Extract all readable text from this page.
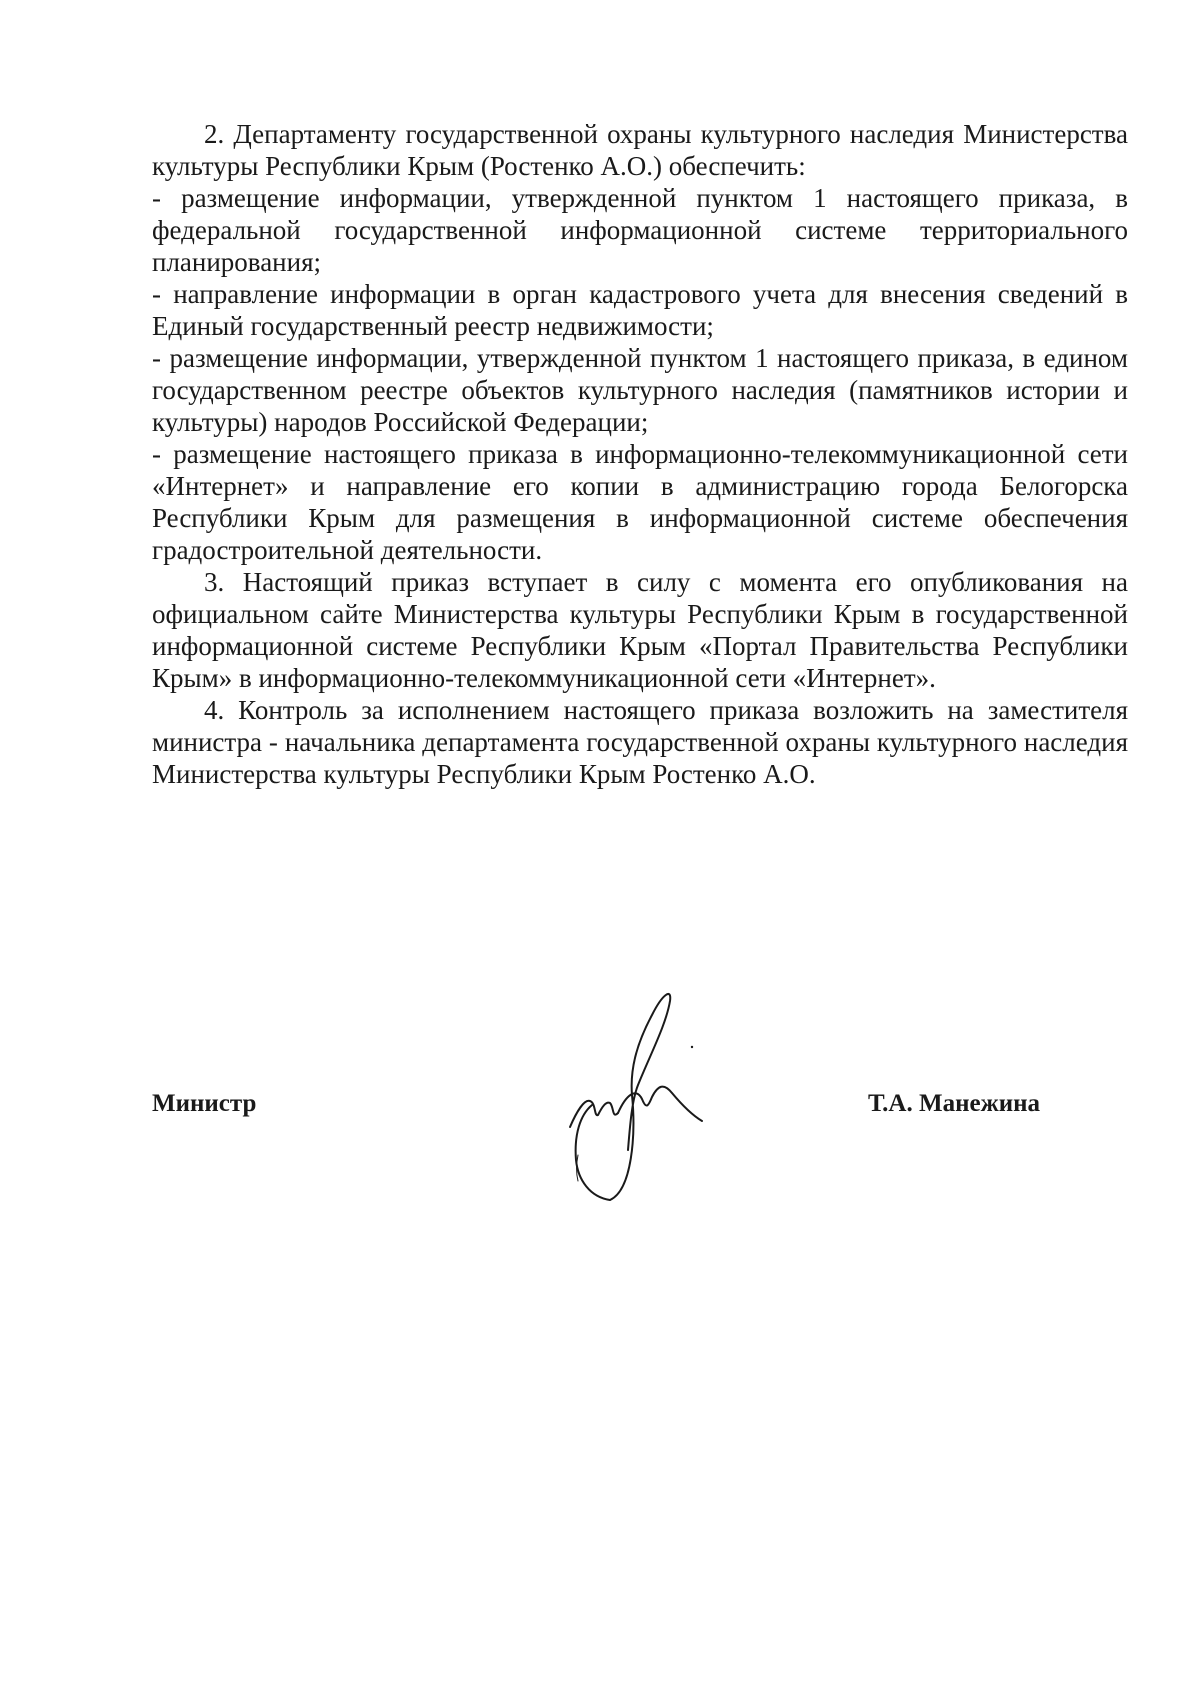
2. Департаменту государственной охраны культурного наследия Министерства культуры Республики Крым (Ростенко А.О.) обеспечить:

- размещение информации, утвержденной пунктом 1 настоящего приказа, в федеральной государственной информационной системе территориального планирования;

- направление информации в орган кадастрового учета для внесения сведений в Единый государственный реестр недвижимости;

- размещение информации, утвержденной пунктом 1 настоящего приказа, в едином государственном реестре объектов культурного наследия (памятников истории и культуры) народов Российской Федерации;

- размещение настоящего приказа в информационно-телекоммуникационной сети «Интернет» и направление его копии в администрацию города Белогорска Республики Крым для размещения в информационной системе обеспечения градостроительной деятельности.

3. Настоящий приказ вступает в силу с момента его опубликования на официальном сайте Министерства культуры Республики Крым в государственной информационной системе Республики Крым «Портал Правительства Республики Крым» в информационно-телекоммуникационной сети «Интернет».

4. Контроль за исполнением настоящего приказа возложить на заместителя министра - начальника департамента государственной охраны культурного наследия Министерства культуры Республики Крым Ростенко А.О.

Министр	Т.А. Манежина
